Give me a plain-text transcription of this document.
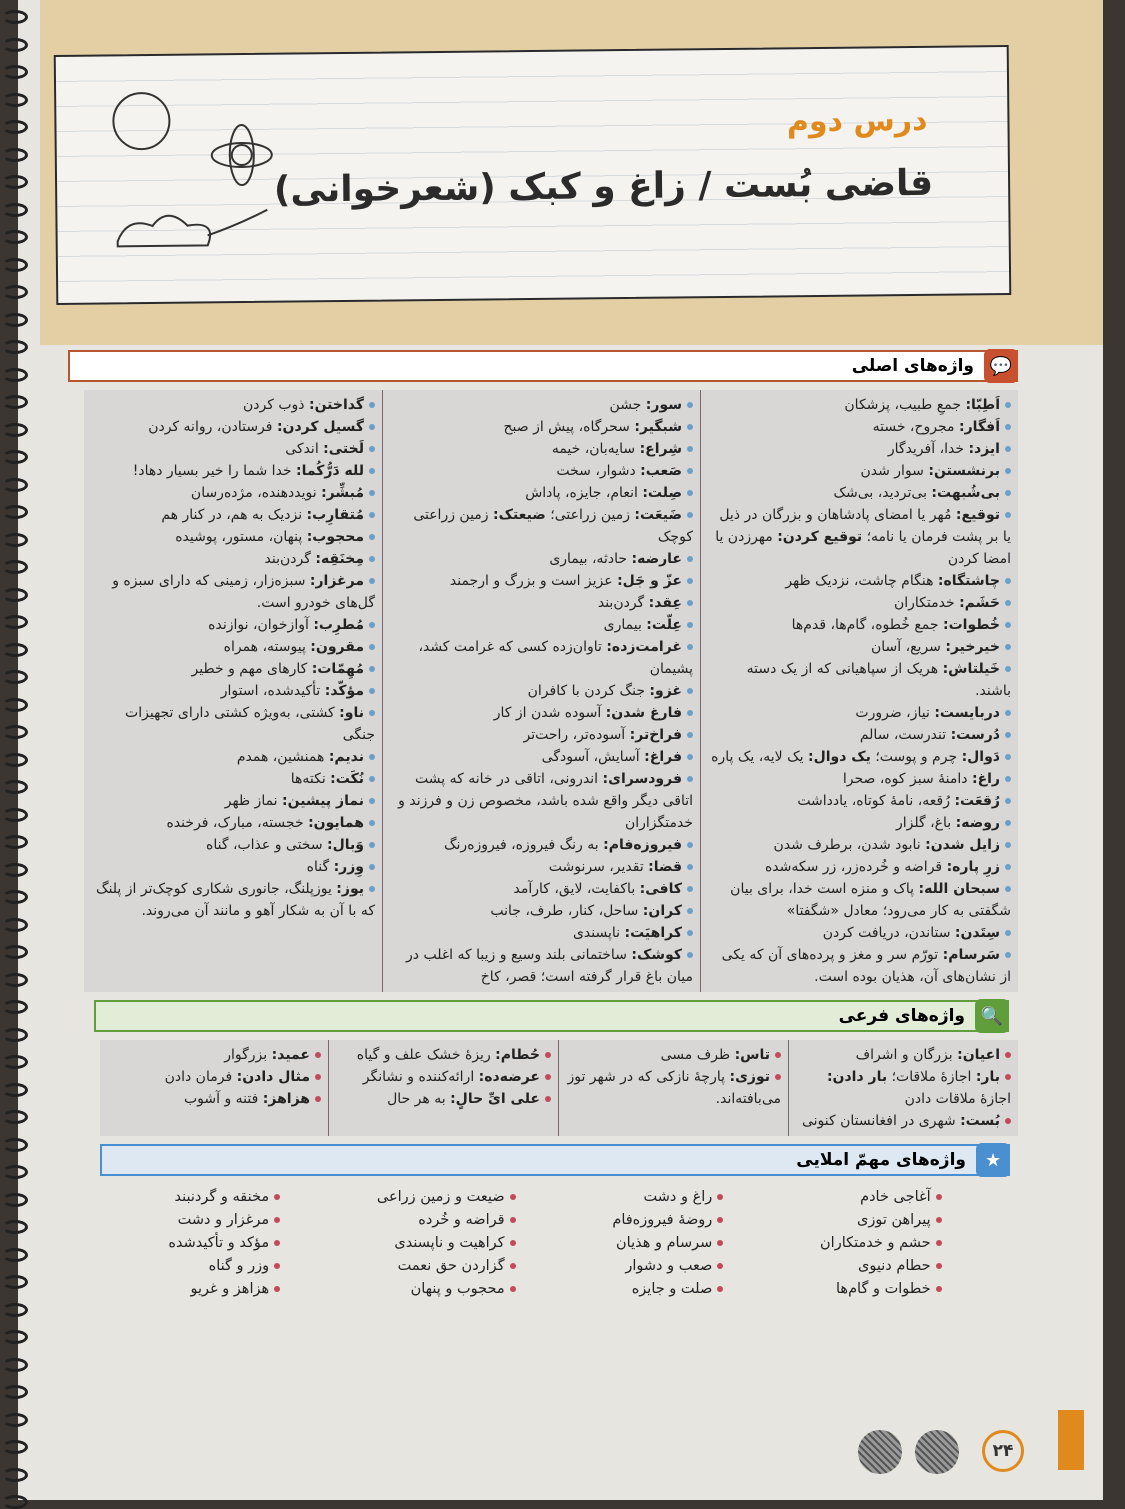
درس دوم
قاضی بُست / زاغ و کبک (شعرخوانی)
💬
واژه‌های اصلی
اَطِبّا: جمعِ طبیب، پزشکان
اَفگار: مجروح، خسته
ایزد: خدا، آفریدگار
برنشستن: سوار شدن
بی‌شُبهت: بی‌تردید، بی‌شک
توقیع: مُهر یا امضای پادشاهان و بزرگان در ذیل یا بر پشت فرمان یا نامه؛ توقیع کردن: مهرزدن یا امضا کردن
چاشتگاه: هنگام چاشت، نزدیک ظهر
حَشَم: خدمتکاران
خُطوات: جمع خُطوه، گام‌ها، قدم‌ها
خیرخیر: سریع، آسان
خَیلتاش: هریک از سپاهیانی که از یک دسته باشند.
دربایست: نیاز، ضرورت
دُرست: تندرست، سالم
دَوال: چرم و پوست؛ یک دوال: یک لایه، یک پاره
راغ: دامنهٔ سبز کوه، صحرا
رُقعَت: رُقعه، نامهٔ کوتاه، یادداشت
روضه: باغ، گلزار
زایل شدن: نابود شدن، برطرف شدن
زرِ پاره: قراضه و خُرده‌زر، زر سکه‌شده
سبحان الله: پاک و منزه است خدا، برای بیان شگفتی به کار می‌رود؛ معادل «شگفتا»
سِتَدن: ستاندن، دریافت کردن
سَرسام: تورّم سر و مغز و پرده‌های آن که یکی از نشان‌های آن، هذیان بوده است.
سور: جشن
شبگیر: سحرگاه، پیش از صبح
شِراع: سایه‌بان، خیمه
صَعب: دشوار، سخت
صِلت: انعام، جایزه، پاداش
ضَیعَت: زمین زراعتی؛ ضیعتک: زمین زراعتی کوچک
عارضه: حادثه، بیماری
عزّ و جَل: عزیز است و بزرگ و ارجمند
عِقد: گردن‌بند
عِلّت: بیماری
غرامت‌زده: تاوان‌زده کسی که غرامت کشد، پشیمان
غزو: جنگ کردن با کافران
فارغ شدن: آسوده شدن از کار
فراخ‌تر: آسوده‌تر، راحت‌تر
فراغ: آسایش، آسودگی
فرودسرای: اندرونی، اتاقی در خانه که پشت اتاقی دیگر واقع شده باشد، مخصوص زن و فرزند و خدمتگزاران
فیروزه‌فام: به رنگ فیروزه، فیروزه‌رنگ
قضا: تقدیر، سرنوشت
کافی: باکفایت، لایق، کارآمد
کران: ساحل، کنار، طرف، جانب
کراهیَت: ناپسندی
کوشک: ساختمانی بلند وسیع و زیبا که اغلب در میان باغ قرار گرفته است؛ قصر، کاخ
گداختن: ذوب کردن
گسیل کردن: فرستادن، روانه کردن
لَختی: اندکی
لله دَرُّکُما: خدا شما را خیر بسیار دهاد!
مُبشِّر: نویددهنده، مژده‌رسان
مُتقارِب: نزدیک به هم، در کنار هم
محجوب: پنهان، مستور، پوشیده
مِخنَقِه: گردن‌بند
مرغزار: سبزه‌زار، زمینی که دارای سبزه و گل‌های خودرو است.
مُطرِب: آوازخوان، نوازنده
مقرون: پیوسته، همراه
مُهِمّات: کارهای مهم و خطیر
مؤکّد: تأکیدشده، استوار
ناو: کشتی، به‌ویژه کشتی دارای تجهیزات جنگی
ندیم: همنشین، همدم
نُکَت: نکته‌ها
نماز پیشین: نماز ظهر
همایون: خجسته، مبارک، فرخنده
وَبال: سختی و عذاب، گناه
وِزر: گناه
یوز: یوزپلنگ، جانوری شکاری کوچک‌تر از پلنگ که با آن به شکار آهو و مانند آن می‌روند.
🔍
واژه‌های فرعی
اعیان: بزرگان و اشراف
بار: اجازهٔ ملاقات؛ بار دادن: اجازهٔ ملاقات دادن
بُست: شهری در افغانستان کنونی
تاس: ظرف مسی
توزی: پارچهٔ نازکی که در شهر توز می‌بافته‌اند.
حُطام: ریزهٔ خشک علف و گیاه
عرضه‌ده: ارائه‌کننده و نشانگر
علی ایِّ حالٍ: به هر حال
عمید: بزرگوار
مثال دادن: فرمان دادن
هزاهز: فتنه و آشوب
★
واژه‌های مهمّ املایی
آغاجی خادم
پیراهن توزی
حشم و خدمتکاران
حطام دنیوی
خطوات و گام‌ها
راغ و دشت
روضهٔ فیروزه‌فام
سرسام و هذیان
صعب و دشوار
صلت و جایزه
ضیعت و زمین زراعی
قراضه و خُرده
کراهیت و ناپسندی
گزاردن حق نعمت
محجوب و پنهان
مخنقه و گردنبند
مرغزار و دشت
مؤکد و تأکیدشده
وزر و گناه
هزاهز و غریو
۲۴
